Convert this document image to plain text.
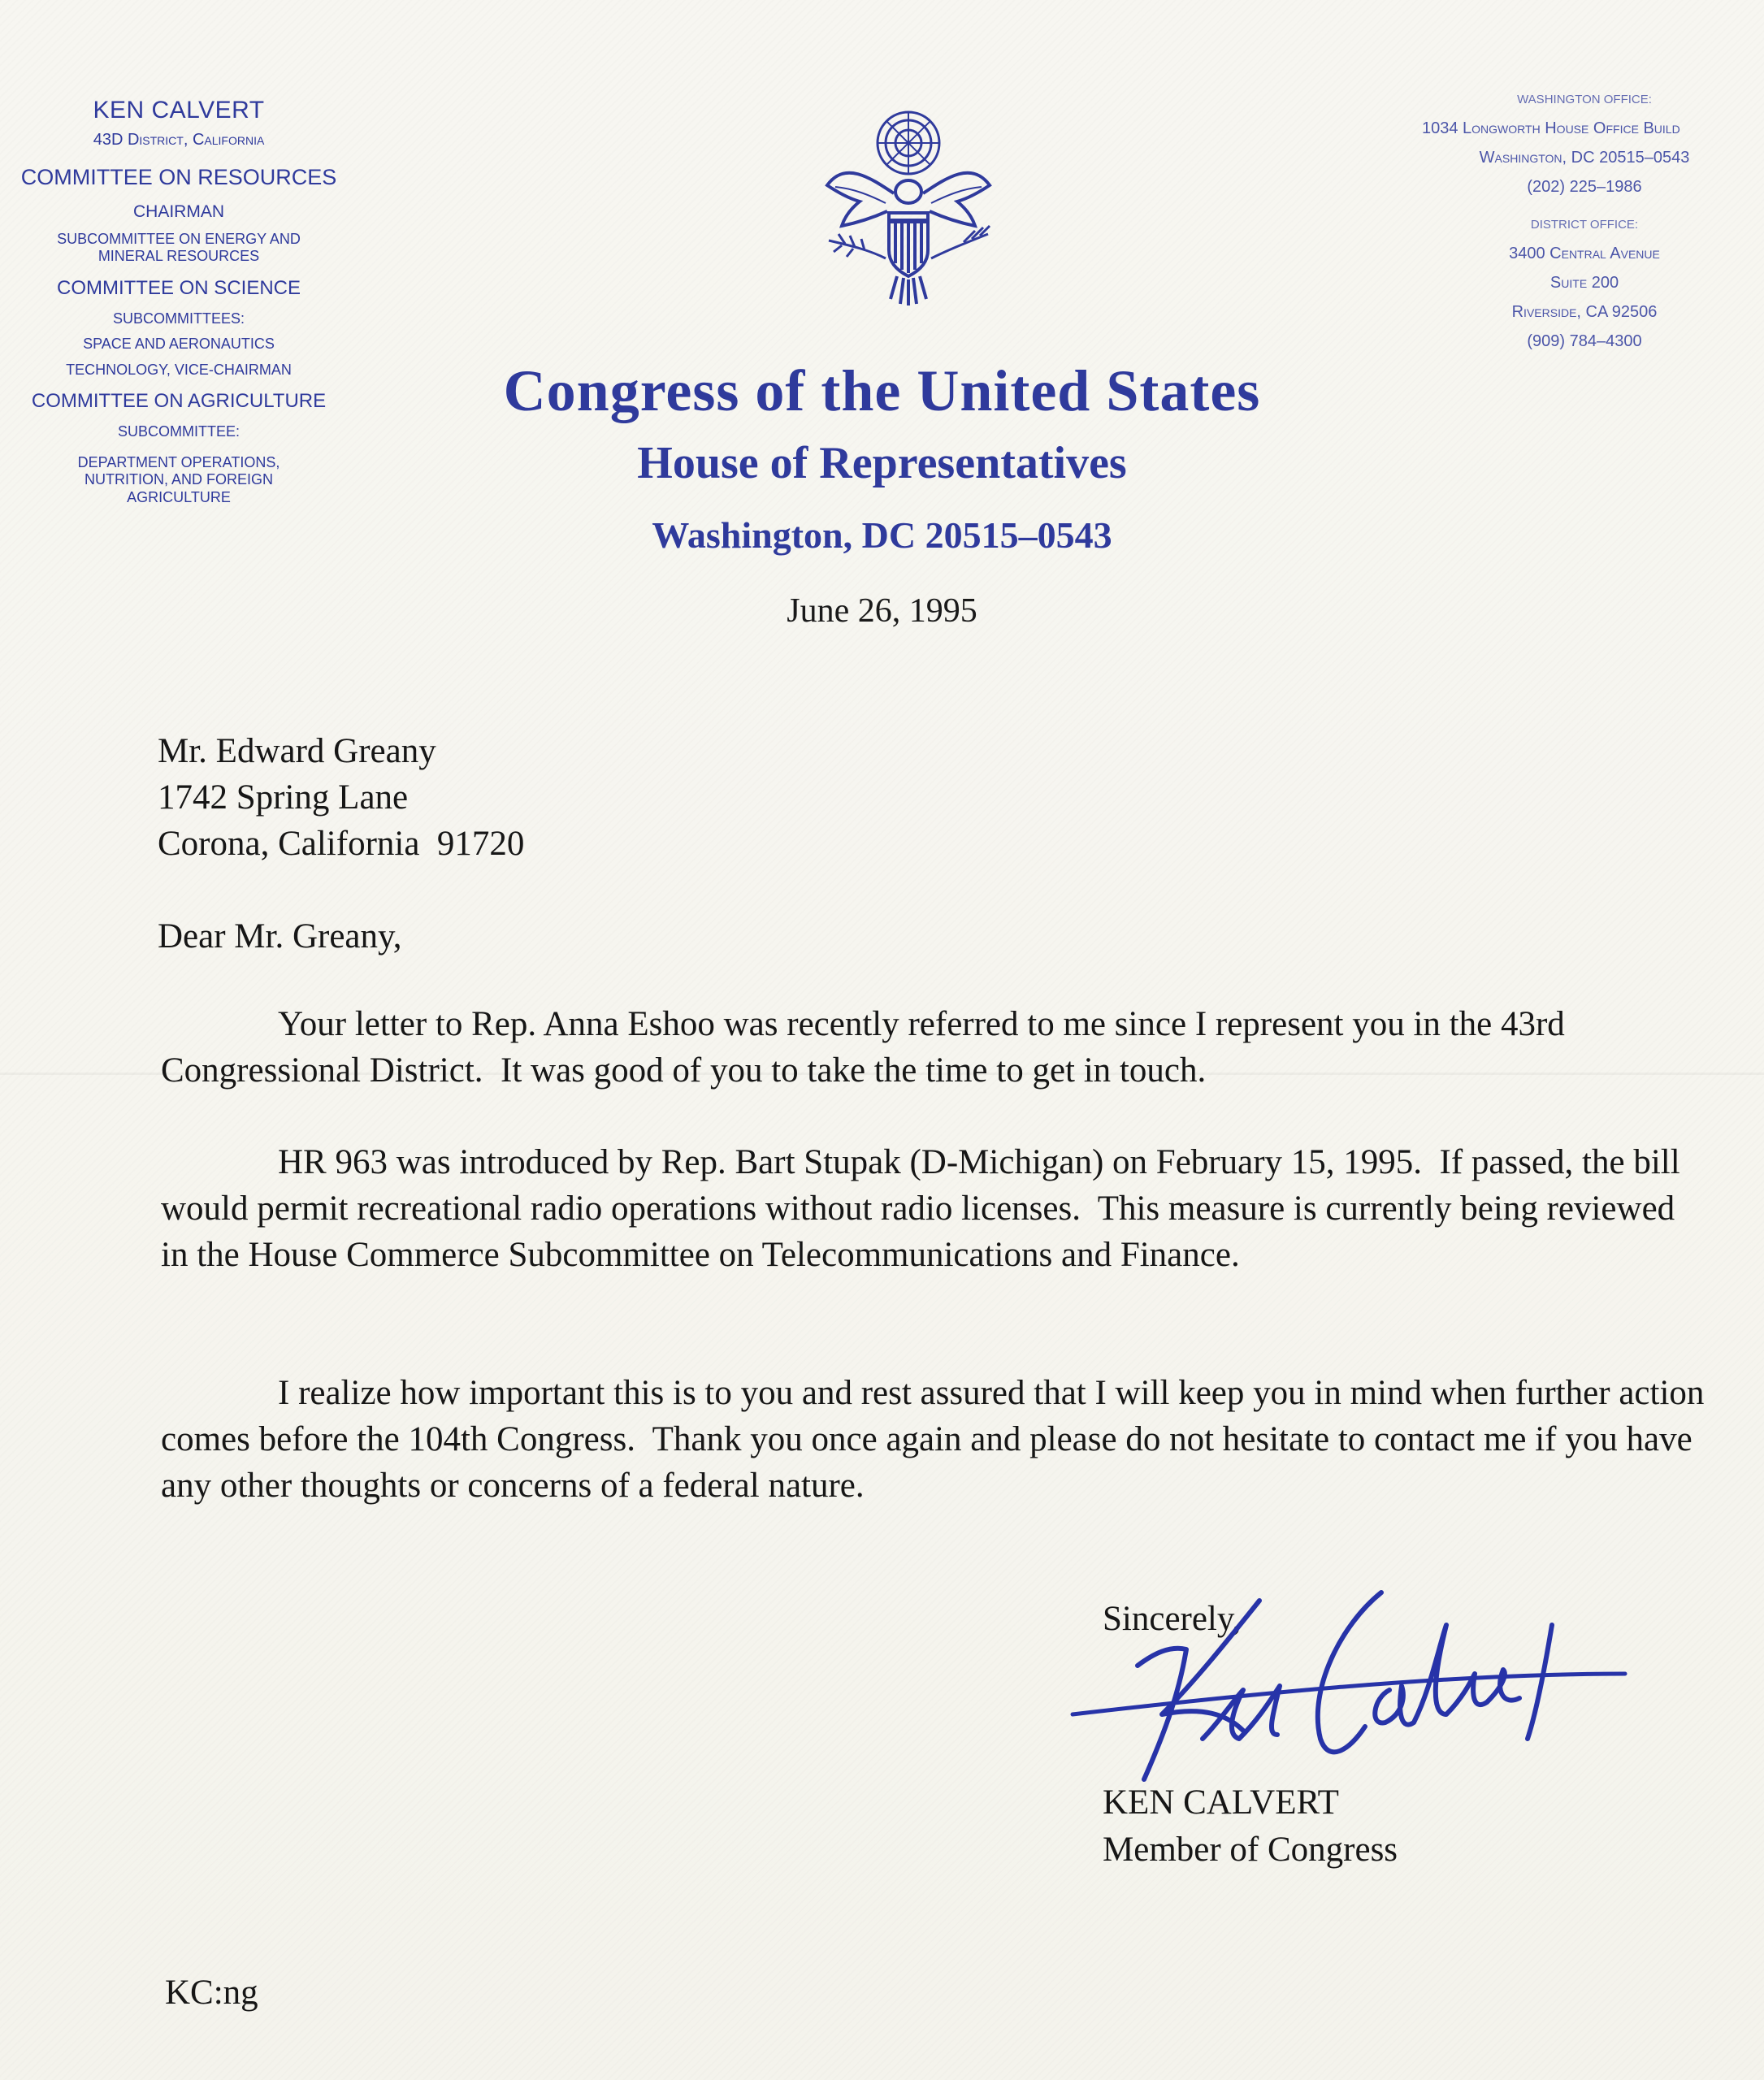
KEN CALVERT
43D District, California
COMMITTEE ON RESOURCES
CHAIRMAN
SUBCOMMITTEE ON ENERGY AND MINERAL RESOURCES
COMMITTEE ON SCIENCE
SUBCOMMITTEES:
SPACE AND AERONAUTICS
TECHNOLOGY, VICE-CHAIRMAN
COMMITTEE ON AGRICULTURE
SUBCOMMITTEE:
DEPARTMENT OPERATIONS, NUTRITION, AND FOREIGN AGRICULTURE
WASHINGTON OFFICE:
1034 Longworth House Office Build
Washington, DC 20515–0543
(202) 225–1986
DISTRICT OFFICE:
3400 Central Avenue
Suite 200
Riverside, CA 92506
(909) 784–4300
Congress of the United States
House of Representatives
Washington, DC 20515–0543
June 26, 1995
Mr. Edward Greany
1742 Spring Lane
Corona, California  91720
Dear Mr. Greany,
Your letter to Rep. Anna Eshoo was recently referred to me since I represent you in the 43rd Congressional District.  It was good of you to take the time to get in touch.
HR 963 was introduced by Rep. Bart Stupak (D-Michigan) on February 15, 1995.  If passed, the bill would permit recreational radio operations without radio licenses.  This measure is currently being reviewed in the House Commerce Subcommittee on Telecommunications and Finance.
I realize how important this is to you and rest assured that I will keep you in mind when further action comes before the 104th Congress.  Thank you once again and please do not hesitate to contact me if you have any other thoughts or concerns of a federal nature.
Sincerely,
KEN CALVERT
Member of Congress
KC:ng
